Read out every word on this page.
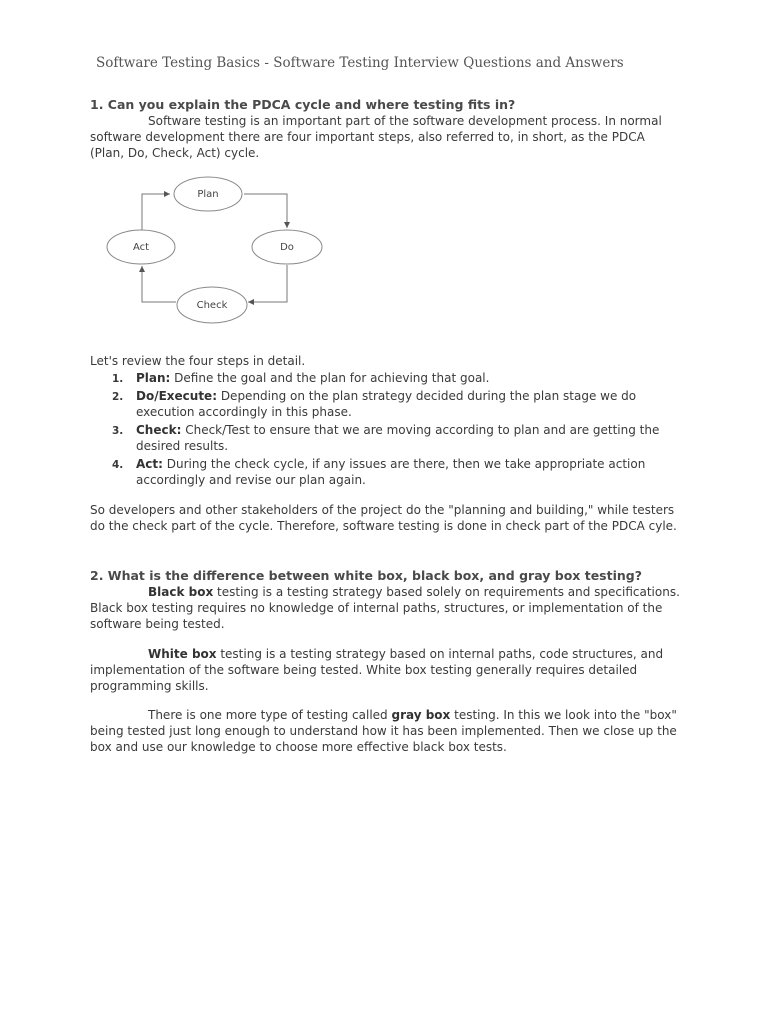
Software Testing Basics - Software Testing Interview Questions and Answers
1. Can you explain the PDCA cycle and where testing fits in?
Software testing is an important part of the software development process. In normal software development there are four important steps, also referred to, in short, as the PDCA (Plan, Do, Check, Act) cycle.
Plan
Do
Check
Act
Let's review the four steps in detail.
1. Plan: Define the goal and the plan for achieving that goal.
2. Do/Execute: Depending on the plan strategy decided during the plan stage we do execution accordingly in this phase.
3. Check: Check/Test to ensure that we are moving according to plan and are getting the desired results.
4. Act: During the check cycle, if any issues are there, then we take appropriate action accordingly and revise our plan again.
So developers and other stakeholders of the project do the "planning and building," while testers do the check part of the cycle. Therefore, software testing is done in check part of the PDCA cyle.
2. What is the difference between white box, black box, and gray box testing?
Black box testing is a testing strategy based solely on requirements and specifications. Black box testing requires no knowledge of internal paths, structures, or implementation of the software being tested.
White box testing is a testing strategy based on internal paths, code structures, and implementation of the software being tested. White box testing generally requires detailed programming skills.
There is one more type of testing called gray box testing. In this we look into the "box" being tested just long enough to understand how it has been implemented. Then we close up the box and use our knowledge to choose more effective black box tests.
